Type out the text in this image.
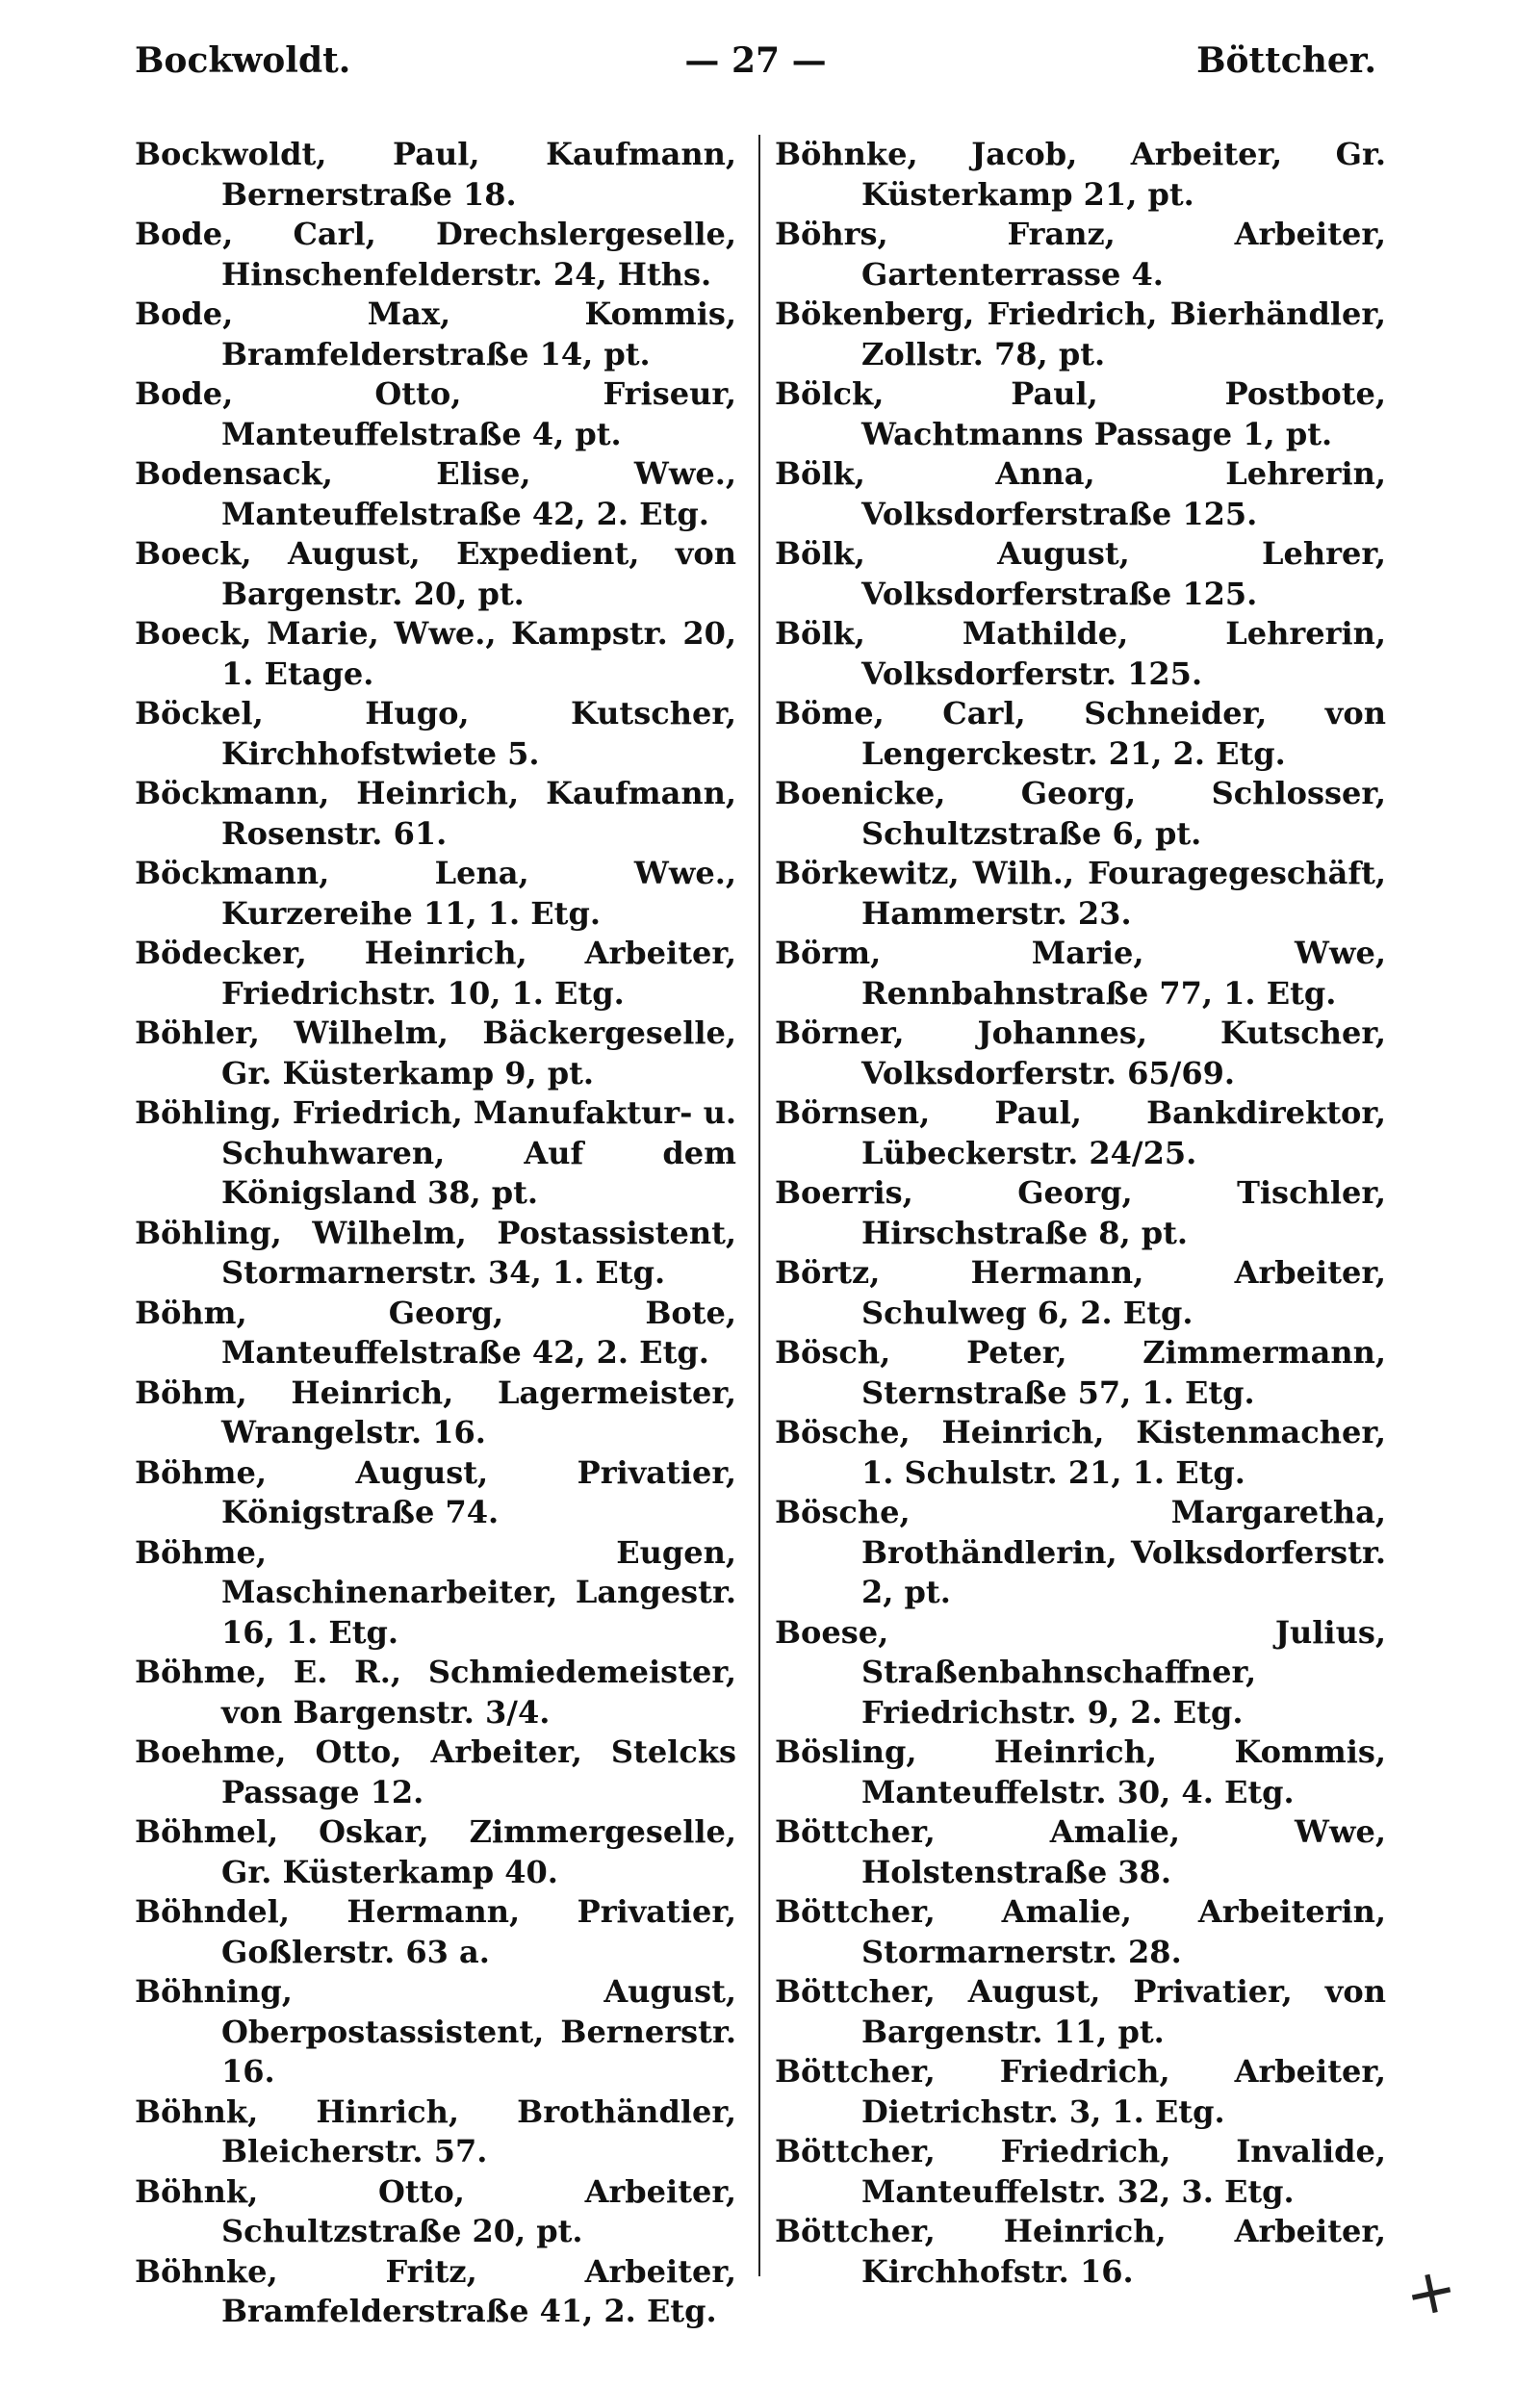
Bockwoldt.	— 27 —	Böttcher.

Bockwoldt, Paul, Kaufmann, Bernerstraße 18.

Bode, Carl, Drechslergeselle, Hinschenfelderstr. 24, Hths.

Bode, Max, Kommis, Bramfelderstraße 14, pt.

Bode, Otto, Friseur, Manteuffelstraße 4, pt.

Bodensack, Elise, Wwe., Manteuffelstraße 42, 2. Etg.

Boeck, August, Expedient, von Bargenstr. 20, pt.

Boeck, Marie, Wwe., Kampstr. 20, 1. Etage.

Böckel, Hugo, Kutscher, Kirchhofstwiete 5.

Böckmann, Heinrich, Kaufmann, Rosenstr. 61.

Böckmann, Lena, Wwe., Kurzereihe 11, 1. Etg.

Bödecker, Heinrich, Arbeiter, Friedrichstr. 10, 1. Etg.

Böhler, Wilhelm, Bäckergeselle, Gr. Küsterkamp 9, pt.

Böhling, Friedrich, Manufaktur- u. Schuhwaren, Auf dem Königsland 38, pt.

Böhling, Wilhelm, Postassistent, Stormarnerstr. 34, 1. Etg.

Böhm, Georg, Bote, Manteuffelstraße 42, 2. Etg.

Böhm, Heinrich, Lagermeister, Wrangelstr. 16.

Böhme, August, Privatier, Königstraße 74.

Böhme, Eugen, Maschinenarbeiter, Langestr. 16, 1. Etg.

Böhme, E. R., Schmiedemeister, von Bargenstr. 3/4.

Boehme, Otto, Arbeiter, Stelcks Passage 12.

Böhmel, Oskar, Zimmergeselle, Gr. Küsterkamp 40.

Böhndel, Hermann, Privatier, Goßlerstr. 63 a.

Böhning, August, Oberpostassistent, Bernerstr. 16.

Böhnk, Hinrich, Brothändler, Bleicherstr. 57.

Böhnk, Otto, Arbeiter, Schultzstraße 20, pt.

Böhnke, Fritz, Arbeiter, Bramfelderstraße 41, 2. Etg.

Böhnke, Jacob, Arbeiter, Gr. Küsterkamp 21, pt.

Böhrs, Franz, Arbeiter, Gartenterrasse 4.

Bökenberg, Friedrich, Bierhändler, Zollstr. 78, pt.

Bölck, Paul, Postbote, Wachtmanns Passage 1, pt.

Bölk, Anna, Lehrerin, Volksdorferstraße 125.

Bölk, August, Lehrer, Volksdorferstraße 125.

Bölk, Mathilde, Lehrerin, Volksdorferstr. 125.

Böme, Carl, Schneider, von Lengerckestr. 21, 2. Etg.

Boenicke, Georg, Schlosser, Schultzstraße 6, pt.

Börkewitz, Wilh., Fouragegeschäft, Hammerstr. 23.

Börm, Marie, Wwe, Rennbahnstraße 77, 1. Etg.

Börner, Johannes, Kutscher, Volksdorferstr. 65/69.

Börnsen, Paul, Bankdirektor, Lübeckerstr. 24/25.

Boerris, Georg, Tischler, Hirschstraße 8, pt.

Börtz, Hermann, Arbeiter, Schulweg 6, 2. Etg.

Bösch, Peter, Zimmermann, Sternstraße 57, 1. Etg.

Bösche, Heinrich, Kistenmacher, 1. Schulstr. 21, 1. Etg.

Bösche, Margaretha, Brothändlerin, Volksdorferstr. 2, pt.

Boese, Julius, Straßenbahnschaffner, Friedrichstr. 9, 2. Etg.

Bösling, Heinrich, Kommis, Manteuffelstr. 30, 4. Etg.

Böttcher, Amalie, Wwe, Holstenstraße 38.

Böttcher, Amalie, Arbeiterin, Stormarnerstr. 28.

Böttcher, August, Privatier, von Bargenstr. 11, pt.

Böttcher, Friedrich, Arbeiter, Dietrichstr. 3, 1. Etg.

Böttcher, Friedrich, Invalide, Manteuffelstr. 32, 3. Etg.

Böttcher, Heinrich, Arbeiter, Kirchhofstr. 16.	+
